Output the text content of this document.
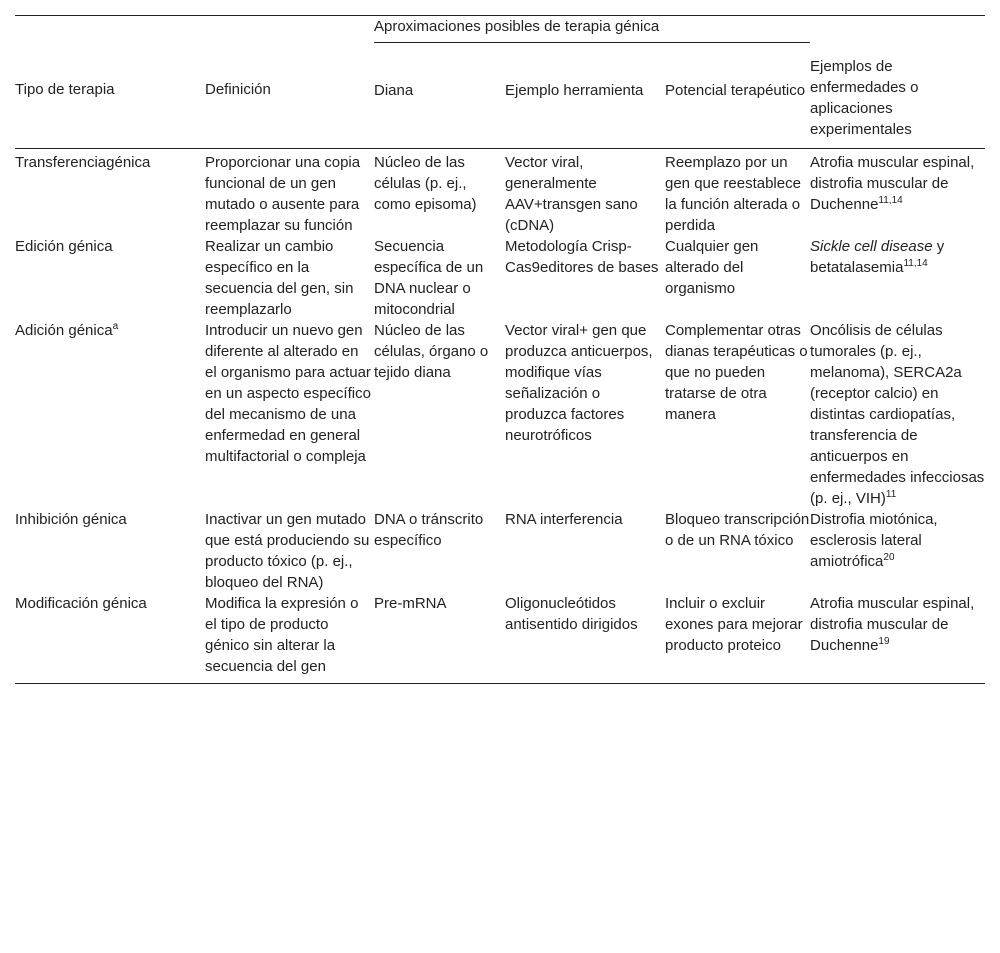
Tipo de terapia	Definición	Aproximaciones posibles de terapia génica			Ejemplos de enfermedades o aplicaciones experimentales
		Diana	Ejemplo herramienta	Potencial terapéutico	
Transferenciagénica	Proporcionar una copia funcional de un gen mutado o ausente para reemplazar su función	Núcleo de las células (p. ej., como episoma)	Vector viral, generalmente AAV+transgen sano (cDNA)	Reemplazo por un gen que reestablece la función alterada o perdida	Atrofia muscular espinal, distrofia muscular de Duchenne$^{11,14}$
Edición génica	Realizar un cambio específico en la secuencia del gen, sin reemplazarlo	Secuencia específica de un DNA nuclear o mitocondrial	Metodología Crisp-Cas9editores de bases	Cualquier gen alterado del organismo	Sickle cell disease y betatalasemia$^{11,14}$
Adición génica$^a$	Introducir un nuevo gen diferente al alterado en el organismo para actuar en un aspecto específico del mecanismo de una enfermedad en general multifactorial o compleja	Núcleo de las células, órgano o tejido diana	Vector viral+ gen que produzca anticuerpos, modifique vías señalización o produzca factores neurotróficos	Complementar otras dianas terapéuticas o que no pueden tratarse de otra manera	Oncólisis de células tumorales (p. ej., melanoma), SERCA2a (receptor calcio) en distintas cardiopatías, transferencia de anticuerpos en enfermedades infecciosas (p. ej., VIH)$^{11}$
Inhibición génica	Inactivar un gen mutado que está produciendo su producto tóxico (p. ej., bloqueo del RNA)	DNA o tránscrito específico	RNA interferencia	Bloqueo transcripción o de un RNA tóxico	Distrofia miotónica, esclerosis lateral amiotrófica$^{20}$
Modificación génica	Modifica la expresión o el tipo de producto génico sin alterar la secuencia del gen	Pre-mRNA	Oligonucleótidos antisentido dirigidos	Incluir o excluir exones para mejorar producto proteico	Atrofia muscular espinal, distrofia muscular de Duchenne$^{19}$
